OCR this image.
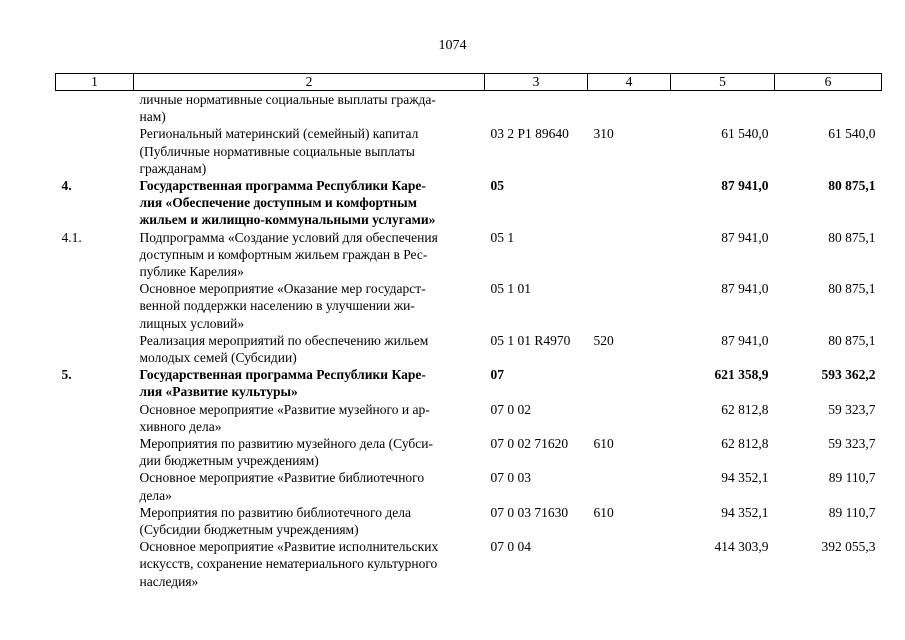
1074
1	2	3	4	5	6
	личные нормативные социальные выплаты гражда-
нам)				
	Региональный материнский (семейный) капитал
(Публичные нормативные социальные выплаты
гражданам)	03 2 P1 89640	310	61 540,0	61 540,0
4.	Государственная программа Республики Каре-
лия «Обеспечение доступным и комфортным
жильем и жилищно-коммунальными услугами»	05		87 941,0	80 875,1
4.1.	Подпрограмма «Создание условий для обеспечения
доступным и комфортным жильем граждан в Рес-
публике Карелия»	05 1		87 941,0	80 875,1
	Основное мероприятие «Оказание мер государст-
венной поддержки населению в улучшении жи-
лищных условий»	05 1 01		87 941,0	80 875,1
	Реализация мероприятий по обеспечению жильем
молодых семей (Субсидии)	05 1 01 R4970	520	87 941,0	80 875,1
5.	Государственная программа Республики Каре-
лия «Развитие культуры»	07		621 358,9	593 362,2
	Основное мероприятие «Развитие музейного и ар-
хивного дела»	07 0 02		62 812,8	59 323,7
	Мероприятия по развитию музейного дела (Субси-
дии бюджетным учреждениям)	07 0 02 71620	610	62 812,8	59 323,7
	Основное мероприятие «Развитие библиотечного
дела»	07 0 03		94 352,1	89 110,7
	Мероприятия по развитию библиотечного дела
(Субсидии бюджетным учреждениям)	07 0 03 71630	610	94 352,1	89 110,7
	Основное мероприятие «Развитие исполнительских
искусств, сохранение нематериального культурного
наследия»	07 0 04		414 303,9	392 055,3
